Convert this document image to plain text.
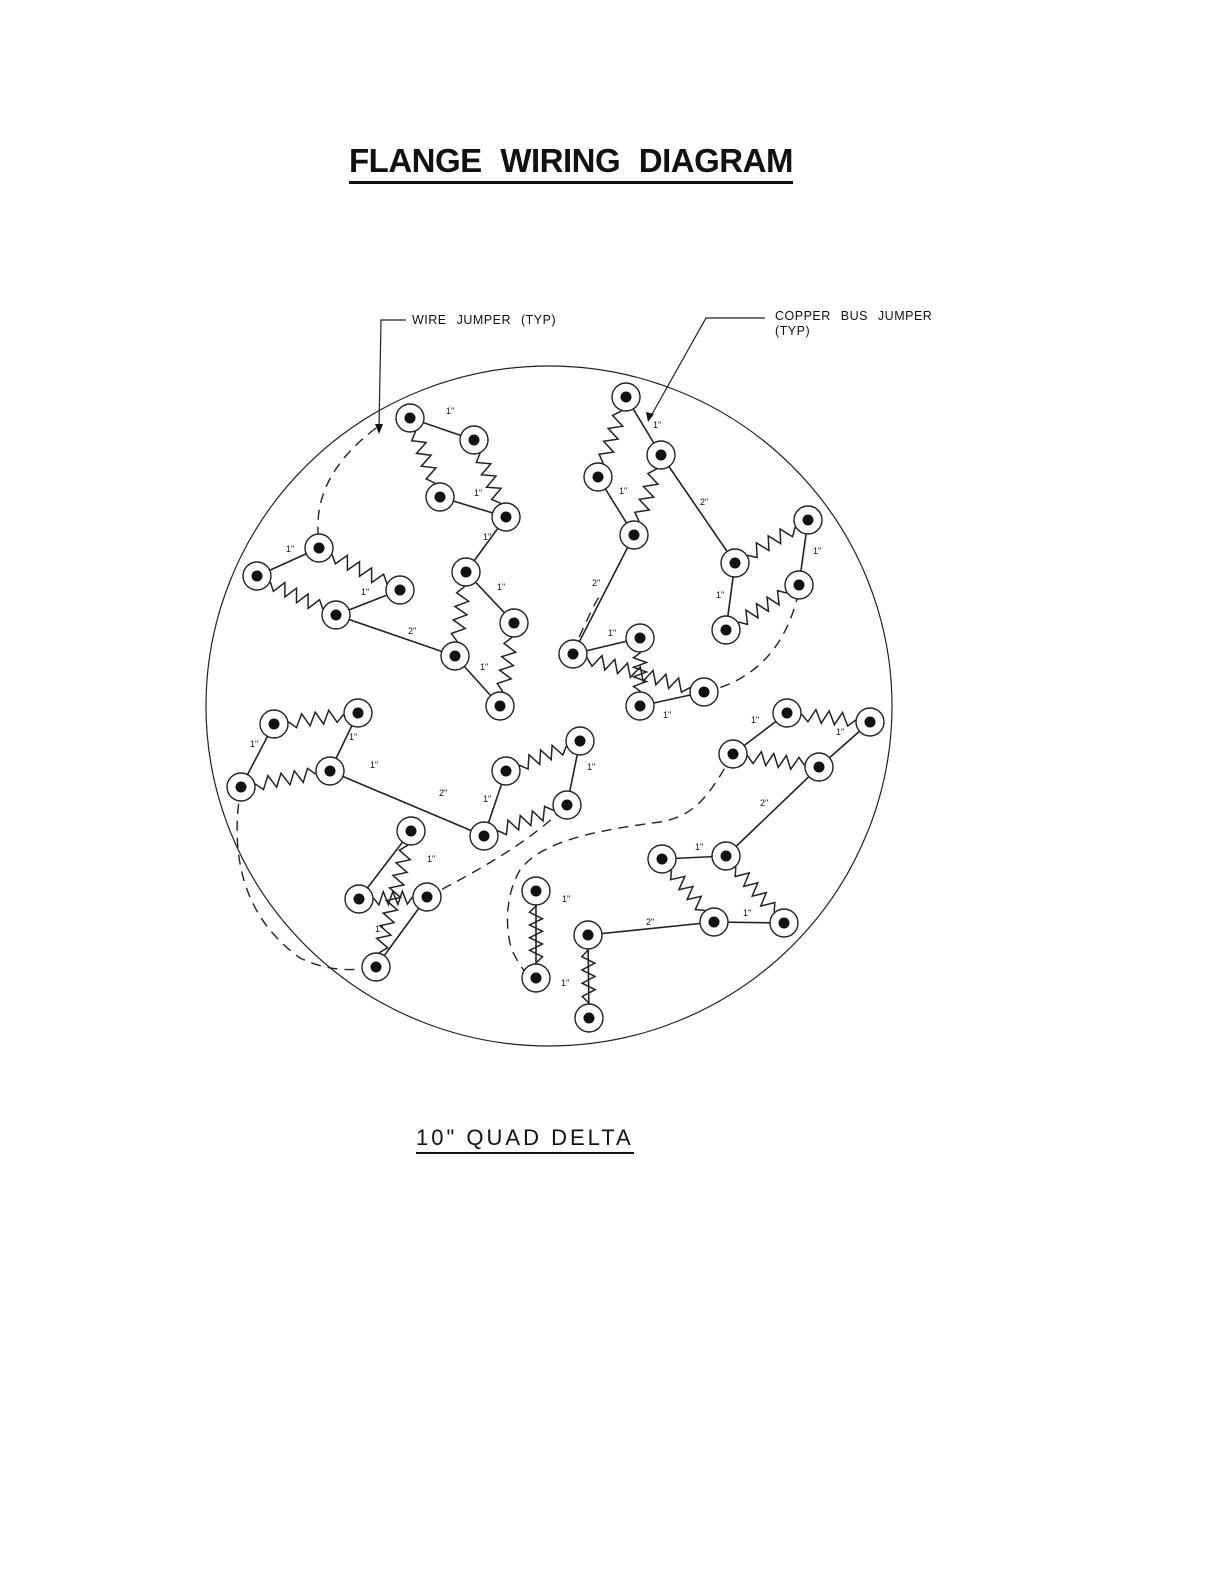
FLANGE WIRING DIAGRAM
WIRE JUMPER (TYP)	COPPER BUS JUMPER
(TYP)
1"
1"
1"
1"
1"
1"
2"
1"
1"
1"
2"
2"
1"
1"
1"
1"
1"
1"
1"
2"
1"
1"
1"
1"
1"
1"
2"
1"
1"
2"
1"
1"
10" QUAD DELTA
